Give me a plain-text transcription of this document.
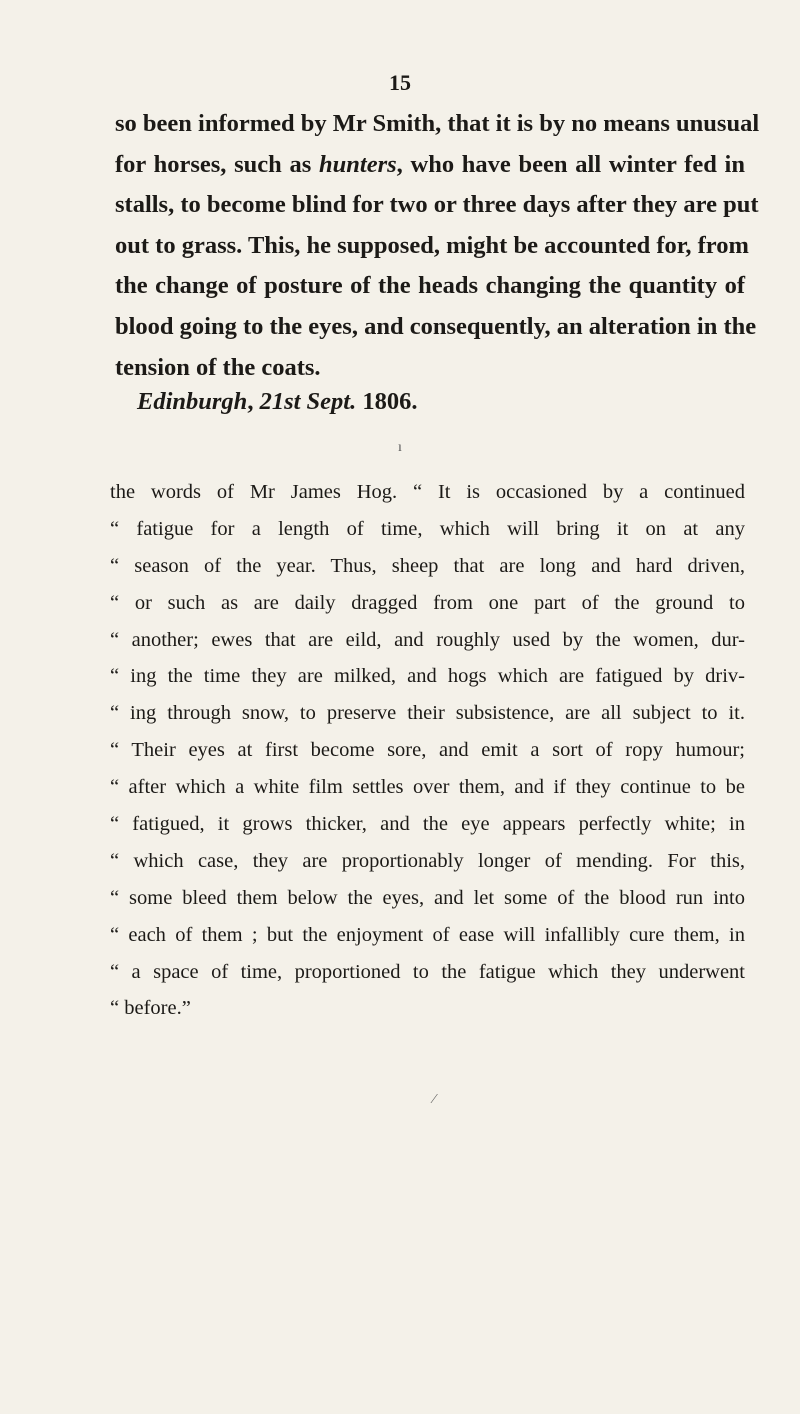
15
so been informed by Mr Smith, that it is by no means unusual
for horses, such as hunters, who have been all winter fed in
stalls, to become blind for two or three days after they are put
out to grass. This, he supposed, might be accounted for, from
the change of posture of the heads changing the quantity of
blood going to the eyes, and consequently, an alteration in the
tension of the coats.
Edinburgh, 21st Sept. 1806.
the words of Mr James Hog. “ It is occasioned by a continued
“ fatigue for a length of time, which will bring it on at any
“ season of the year. Thus, sheep that are long and hard driven,
“ or such as are daily dragged from one part of the ground to
“ another; ewes that are eild, and roughly used by the women, dur-
“ ing the time they are milked, and hogs which are fatigued by driv-
“ ing through snow, to preserve their subsistence, are all subject to it.
“ Their eyes at first become sore, and emit a sort of ropy humour;
“ after which a white film settles over them, and if they continue to be
“ fatigued, it grows thicker, and the eye appears perfectly white; in
“ which case, they are proportionably longer of mending. For this,
“ some bleed them below the eyes, and let some of the blood run into
“ each of them ; but the enjoyment of ease will infallibly cure them, in
“ a space of time, proportioned to the fatigue which they underwent
“ before.”
ı
⁄
